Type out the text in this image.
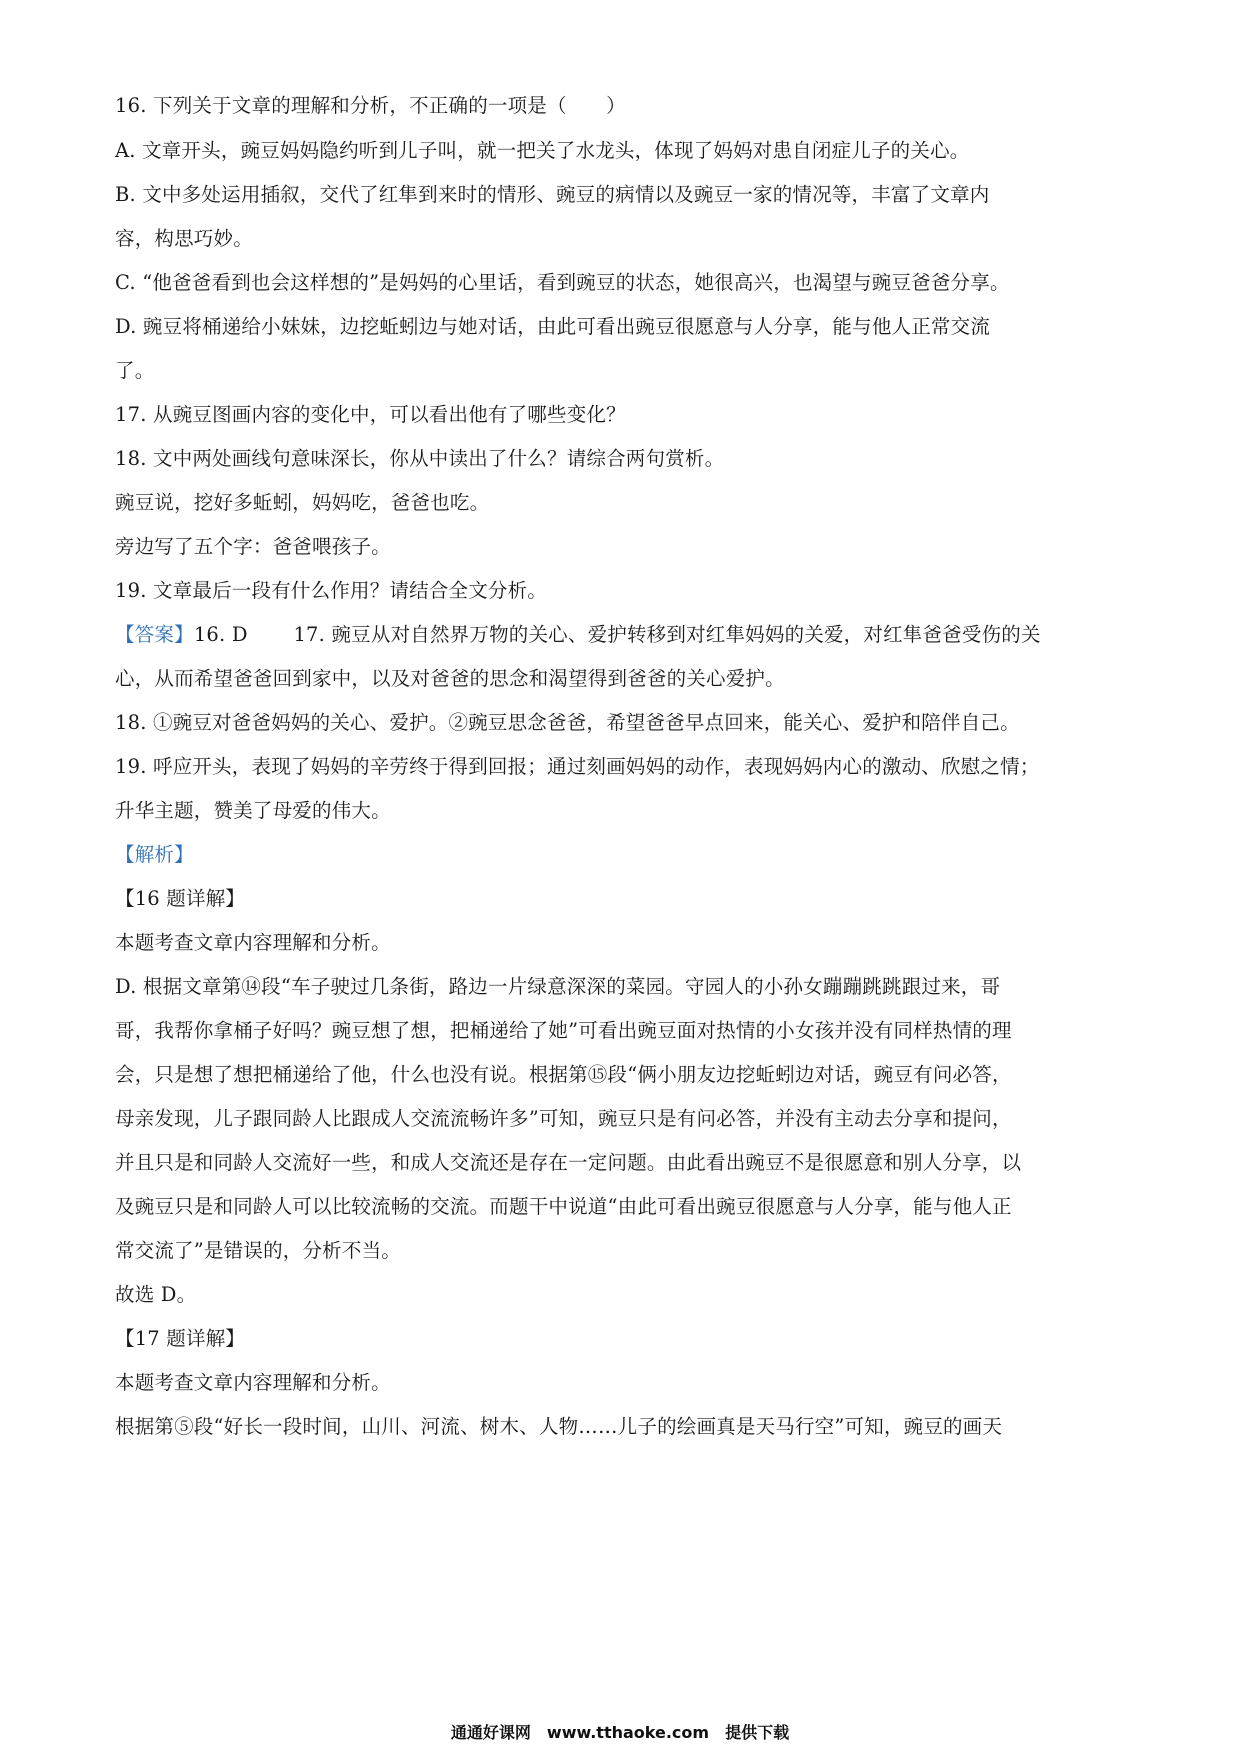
16. 下列关于文章的理解和分析，不正确的一项是（　　）
A. 文章开头，豌豆妈妈隐约听到儿子叫，就一把关了水龙头，体现了妈妈对患自闭症儿子的关心。
B. 文中多处运用插叙，交代了红隼到来时的情形、豌豆的病情以及豌豆一家的情况等，丰富了文章内
容，构思巧妙。
C. “他爸爸看到也会这样想的”是妈妈的心里话，看到豌豆的状态，她很高兴，也渴望与豌豆爸爸分享。
D. 豌豆将桶递给小妹妹，边挖蚯蚓边与她对话，由此可看出豌豆很愿意与人分享，能与他人正常交流
了。
17. 从豌豆图画内容的变化中，可以看出他有了哪些变化？
18. 文中两处画线句意味深长，你从中读出了什么？请综合两句赏析。
豌豆说，挖好多蚯蚓，妈妈吃，爸爸也吃。
旁边写了五个字：爸爸喂孩子。
19. 文章最后一段有什么作用？请结合全文分析。
【答案】16. D　　 17. 豌豆从对自然界万物的关心、爱护转移到对红隼妈妈的关爱，对红隼爸爸受伤的关
心，从而希望爸爸回到家中，以及对爸爸的思念和渴望得到爸爸的关心爱护。
18. ①豌豆对爸爸妈妈的关心、爱护。②豌豆思念爸爸，希望爸爸早点回来，能关心、爱护和陪伴自己。
19. 呼应开头，表现了妈妈的辛劳终于得到回报；通过刻画妈妈的动作，表现妈妈内心的激动、欣慰之情；
升华主题，赞美了母爱的伟大。
【解析】
【16 题详解】
本题考查文章内容理解和分析。
D. 根据文章第⑭段“车子驶过几条街，路边一片绿意深深的菜园。守园人的小孙女蹦蹦跳跳跟过来，哥
哥，我帮你拿桶子好吗？豌豆想了想，把桶递给了她”可看出豌豆面对热情的小女孩并没有同样热情的理
会，只是想了想把桶递给了他，什么也没有说。根据第⑮段“俩小朋友边挖蚯蚓边对话，豌豆有问必答，
母亲发现，儿子跟同龄人比跟成人交流流畅许多”可知，豌豆只是有问必答，并没有主动去分享和提问，
并且只是和同龄人交流好一些，和成人交流还是存在一定问题。由此看出豌豆不是很愿意和别人分享，以
及豌豆只是和同龄人可以比较流畅的交流。而题干中说道“由此可看出豌豆很愿意与人分享，能与他人正
常交流了”是错误的，分析不当。
故选 D。
【17 题详解】
本题考查文章内容理解和分析。
根据第⑤段“好长一段时间，山川、河流、树木、人物……儿子的绘画真是天马行空”可知，豌豆的画天
通通好课网　www.tthaoke.com　提供下载
